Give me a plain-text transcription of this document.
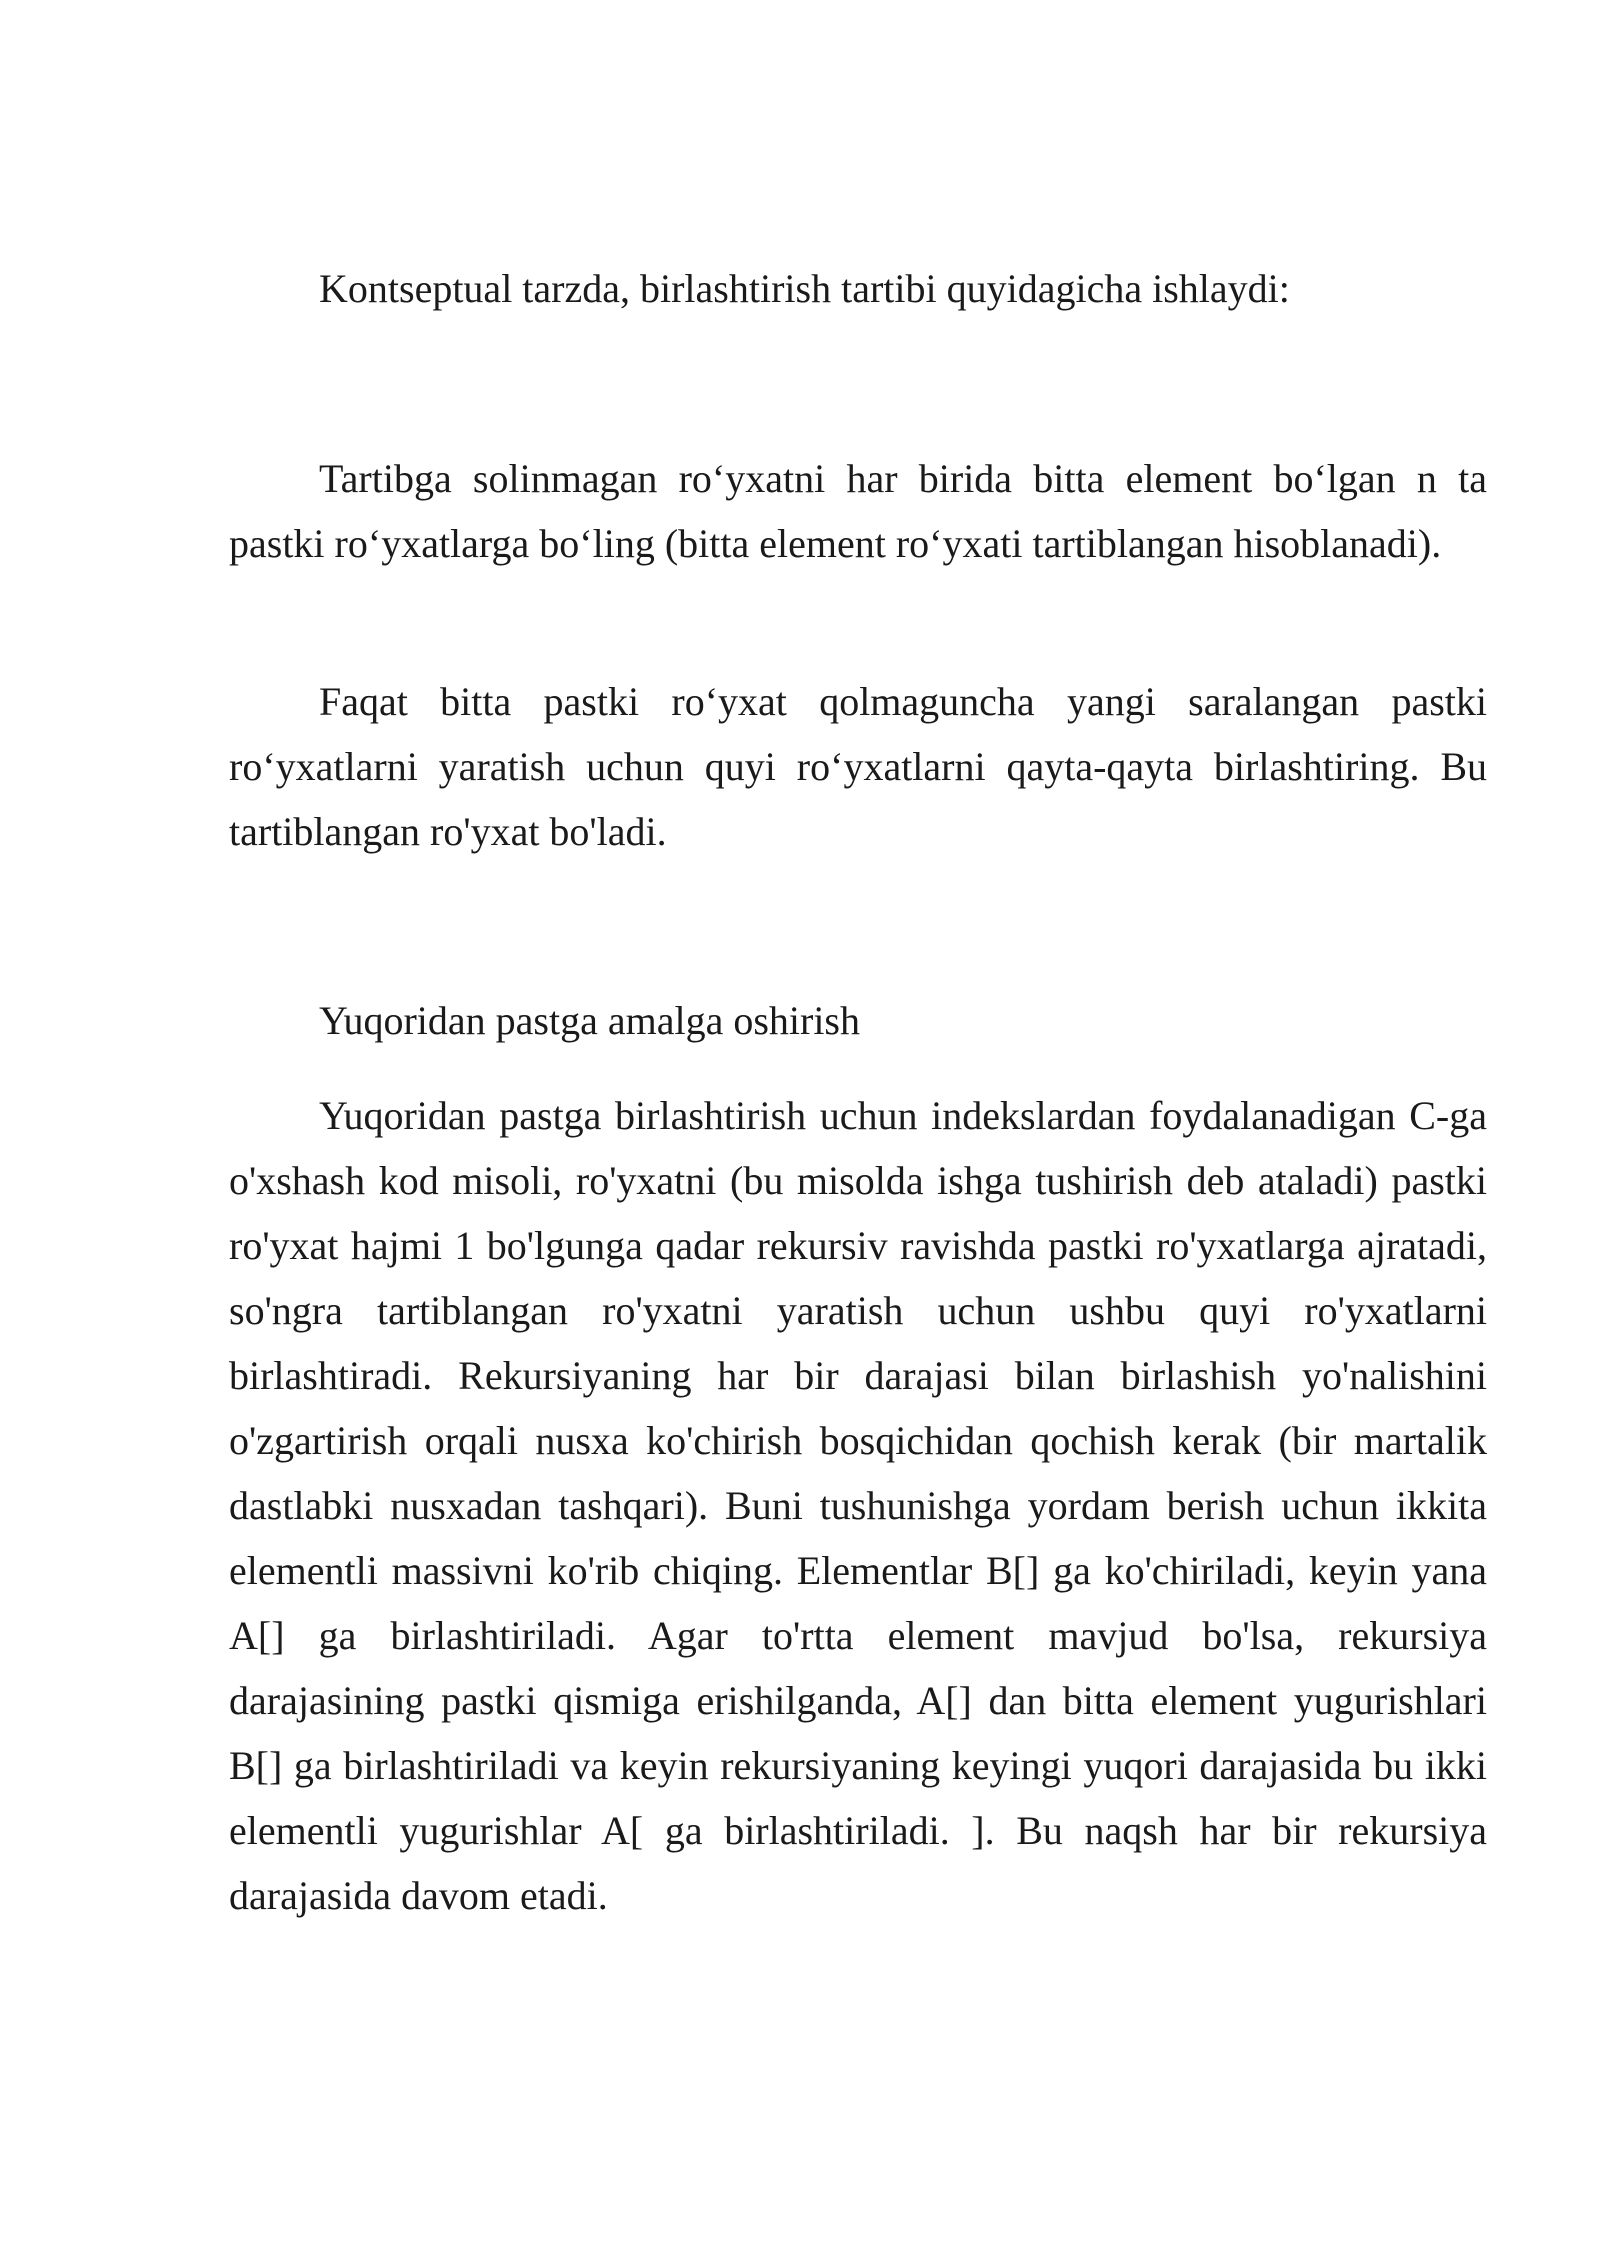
Kontseptual tarzda, birlashtirish tartibi quyidagicha ishlaydi:

Tartibga solinmagan ro‘yxatni har birida bitta element bo‘lgan n ta pastki ro‘yxatlarga bo‘ling (bitta element ro‘yxati tartiblangan hisoblanadi).

Faqat bitta pastki ro‘yxat qolmaguncha yangi saralangan pastki ro‘yxatlarni yaratish uchun quyi ro‘yxatlarni qayta-qayta birlashtiring. Bu tartiblangan ro'yxat bo'ladi.

Yuqoridan pastga amalga oshirish

Yuqoridan pastga birlashtirish uchun indekslardan foydalanadigan C-ga o'xshash kod misoli, ro'yxatni (bu misolda ishga tushirish deb ataladi) pastki ro'yxat hajmi 1 bo'lgunga qadar rekursiv ravishda pastki ro'yxatlarga ajratadi, so'ngra tartiblangan ro'yxatni yaratish uchun ushbu quyi ro'yxatlarni birlashtiradi. Rekursiyaning har bir darajasi bilan birlashish yo'nalishini o'zgartirish orqali nusxa ko'chirish bosqichidan qochish kerak (bir martalik dastlabki nusxadan tashqari). Buni tushunishga yordam berish uchun ikkita elementli massivni ko'rib chiqing. Elementlar B[] ga ko'chiriladi, keyin yana A[] ga birlashtiriladi. Agar to'rtta element mavjud bo'lsa, rekursiya darajasining pastki qismiga erishilganda, A[] dan bitta element yugurishlari B[] ga birlashtiriladi va keyin rekursiyaning keyingi yuqori darajasida bu ikki elementli yugurishlar A[ ga birlashtiriladi. ]. Bu naqsh har bir rekursiya darajasida davom etadi.
